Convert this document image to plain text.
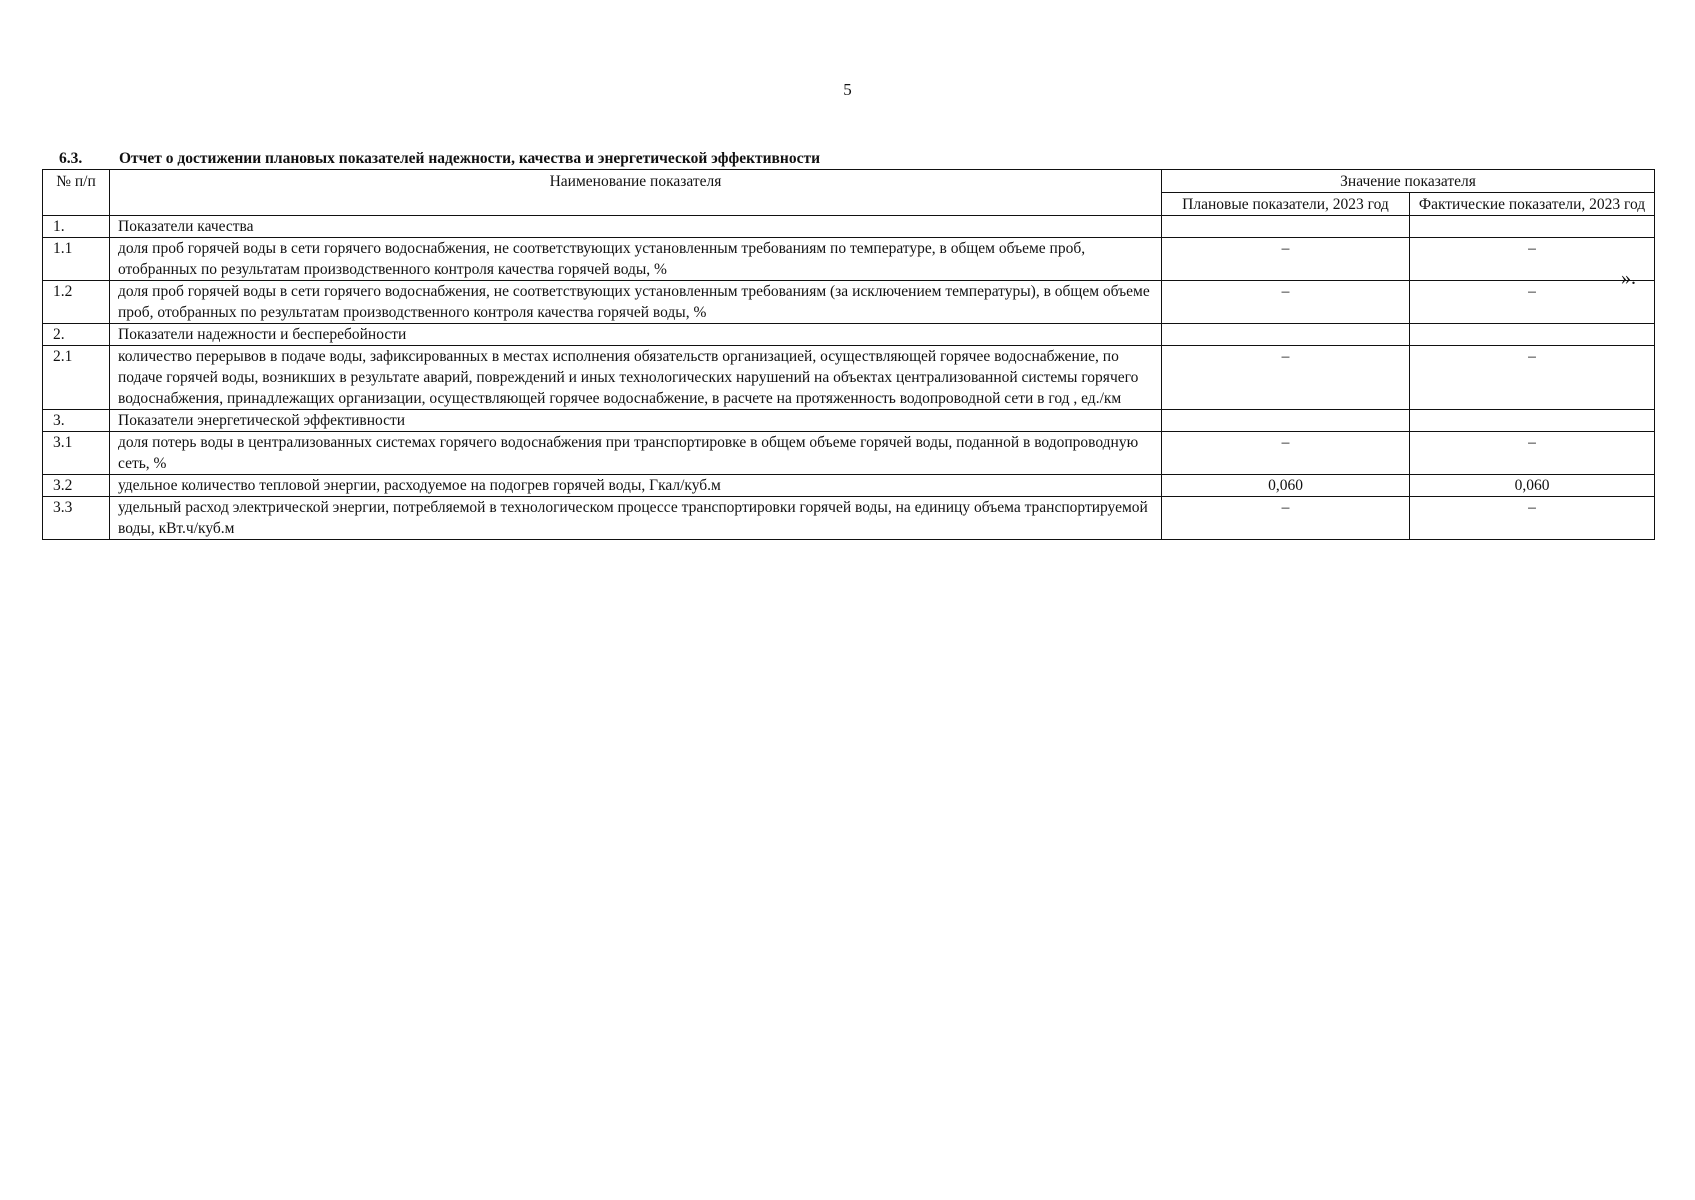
5
6.3. Отчет о достижении плановых показателей надежности, качества и энергетической эффективности
№ п/п	Наименование показателя	Значение показателя	
		Плановые показатели, 2023 год	Фактические показатели, 2023 год
1.	Показатели качества		
1.1	доля проб горячей воды в сети горячего водоснабжения, не соответствующих установленным требованиям по температуре, в общем объеме проб, отобранных по результатам производственного контроля качества горячей воды, %	–	–
1.2	доля проб горячей воды в сети горячего водоснабжения, не соответствующих установленным требованиям (за исключением температуры), в общем объеме проб, отобранных по результатам производственного контроля качества горячей воды, %	–	–
2.	Показатели надежности и бесперебойности		
2.1	количество перерывов в подаче воды, зафиксированных в местах исполнения обязательств организацией, осуществляющей горячее водоснабжение, по подаче горячей воды, возникших в результате аварий, повреждений и иных технологических нарушений на объектах централизованной системы горячего водоснабжения, принадлежащих организации, осуществляющей горячее водоснабжение, в расчете на протяженность водопроводной сети в год , ед./км	–	–
3.	Показатели энергетической эффективности		
3.1	доля потерь воды в централизованных системах горячего водоснабжения при транспортировке в общем объеме горячей воды, поданной в водопроводную сеть, %	–	–
3.2	удельное количество тепловой энергии, расходуемое на подогрев горячей воды, Гкал/куб.м	0,060	0,060
3.3	удельный расход электрической энергии, потребляемой в технологическом процессе транспортировки горячей воды, на единицу объема транспортируемой воды, кВт.ч/куб.м	–	–
».
